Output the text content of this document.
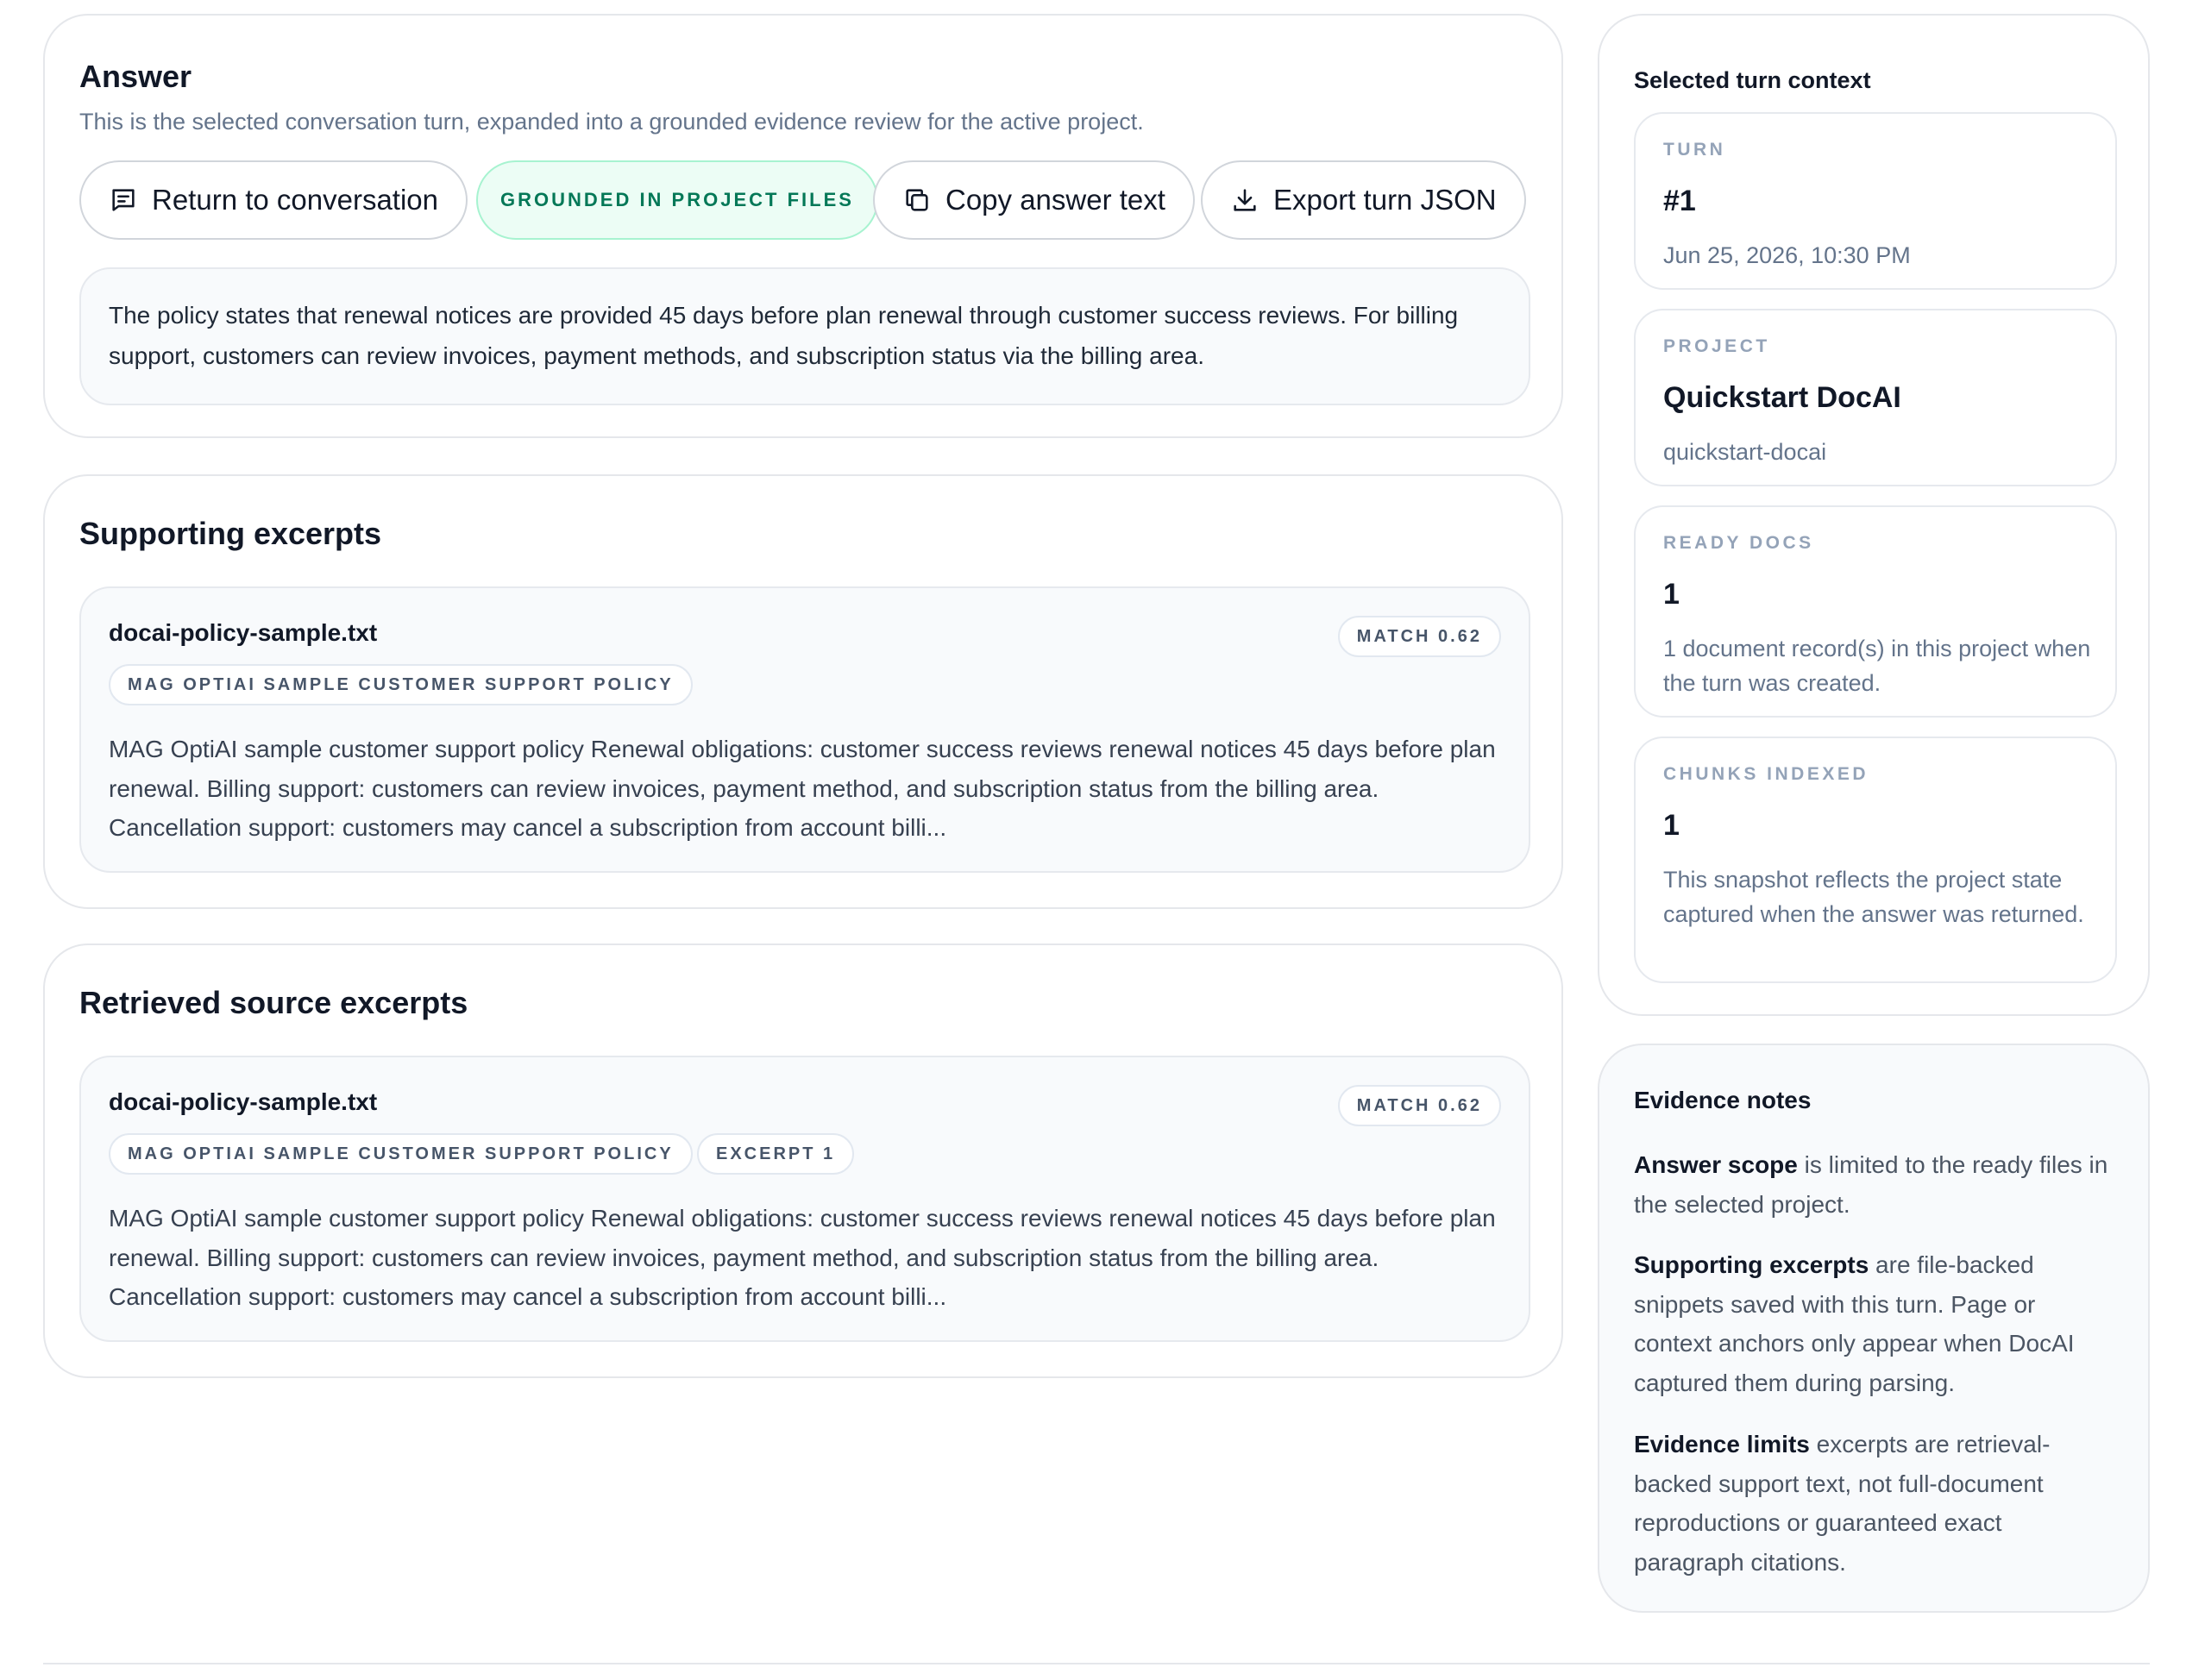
Answer
This is the selected conversation turn, expanded into a grounded evidence review for the active project.
Return to conversation	GROUNDED IN PROJECT FILES	Copy answer text	Export turn JSON

The policy states that renewal notices are provided 45 days before plan renewal through customer success reviews. For billing support, customers can review invoices, payment methods, and subscription status via the billing area.

Supporting excerpts
docai-policy-sample.txt	MATCH 0.62
MAG OPTIAI SAMPLE CUSTOMER SUPPORT POLICY
MAG OptiAI sample customer support policy Renewal obligations: customer success reviews renewal notices 45 days before plan renewal. Billing support: customers can review invoices, payment method, and subscription status from the billing area. Cancellation support: customers may cancel a subscription from account billi...
Retrieved source excerpts
docai-policy-sample.txt	MATCH 0.62
MAG OPTIAI SAMPLE CUSTOMER SUPPORT POLICY	EXCERPT 1
MAG OptiAI sample customer support policy Renewal obligations: customer success reviews renewal notices 45 days before plan renewal. Billing support: customers can review invoices, payment method, and subscription status from the billing area. Cancellation support: customers may cancel a subscription from account billi...
Selected turn context
TURN
#1
Jun 25, 2026, 10:30 PM
PROJECT
Quickstart DocAI
quickstart-docai
READY DOCS
1
1 document record(s) in this project when the turn was created.
CHUNKS INDEXED
1
This snapshot reflects the project state captured when the answer was returned.
Evidence notes

Answer scope is limited to the ready files in the selected project.

Supporting excerpts are file-backed snippets saved with this turn. Page or context anchors only appear when DocAI captured them during parsing.

Evidence limits excerpts are retrieval-backed support text, not full-document reproductions or guaranteed exact paragraph citations.
